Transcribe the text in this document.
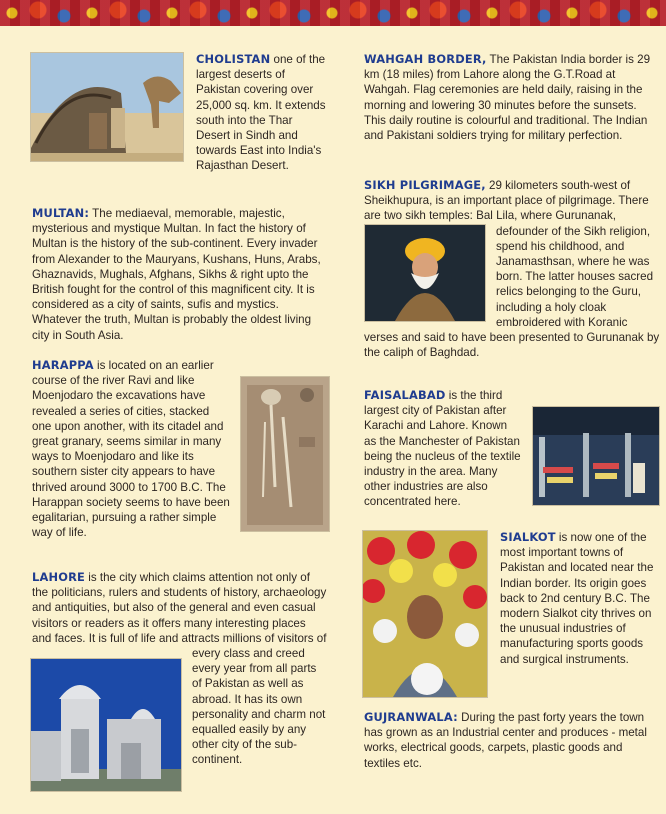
CHOLISTAN one of the largest deserts of Pakistan covering over 25,000 sq. km. It extends south into the Thar Desert in Sindh and towards East into India's Rajasthan Desert.
MULTAN: The mediaeval, memorable, majestic, mysterious and mystique Multan. In fact the history of Multan is the history of the sub-continent. Every invader from Alexander to the Mauryans, Kushans, Huns, Arabs, Ghaznavids, Mughals, Afghans, Sikhs & right upto the British fought for the control of this magnificent city. It is considered as a city of saints, sufis and mystics. Whatever the truth, Multan is probably the oldest living city in South Asia.
HARAPPA is located on an earlier course of the river Ravi and like Moenjodaro the excavations have revealed a series of cities, stacked one upon another, with its citadel and great granary, seems similar in many ways to Moenjodaro and like its southern sister city appears to have thrived around 3000 to 1700 B.C. The Harappan society seems to have been egalitarian, pursuing a rather simple way of life.
LAHORE is the city which claims attention not only of the politicians, rulers and students of history, archaeology and antiquities, but also of the general and even casual visitors or readers as it offers many interesting places and faces. It is full of life and attracts millions of visitors of every class and creed every year from all parts of Pakistan as well as abroad. It has its own personality and charm not equalled easily by any other city of the sub-continent.
WAHGAH BORDER, The Pakistan India border is 29 km (18 miles) from Lahore along the G.T.Road at Wahgah. Flag ceremonies are held daily, raising in the morning and lowering 30 minutes before the sunsets. This daily routine is colourful and traditional. The Indian and Pakistani soldiers trying for military perfection.
SIKH PILGRIMAGE, 29 kilometers south-west of Sheikhupura, is an important place of pilgrimage. There are two sikh temples: Bal Lila, where Gurunanak, defounder of the Sikh religion, spend his childhood, and Janamasthsan, where he was born. The latter houses sacred relics belonging to the Guru, including a holy cloak embroidered with Koranic verses and said to have been presented to Gurunanak by the caliph of Baghdad.
FAISALABAD is the third largest city of Pakistan after Karachi and Lahore. Known as the Manchester of Pakistan being the nucleus of the textile industry in the area. Many other industries are also concentrated here.
SIALKOT is now one of the most important towns of Pakistan and located near the Indian border. Its origin goes back to 2nd century B.C. The modern Sialkot city thrives on the unusual industries of manufacturing sports goods and surgical instruments.
GUJRANWALA: During the past forty years the town has grown as an Industrial center and produces - metal works, electrical goods, carpets, plastic goods and textiles etc.
